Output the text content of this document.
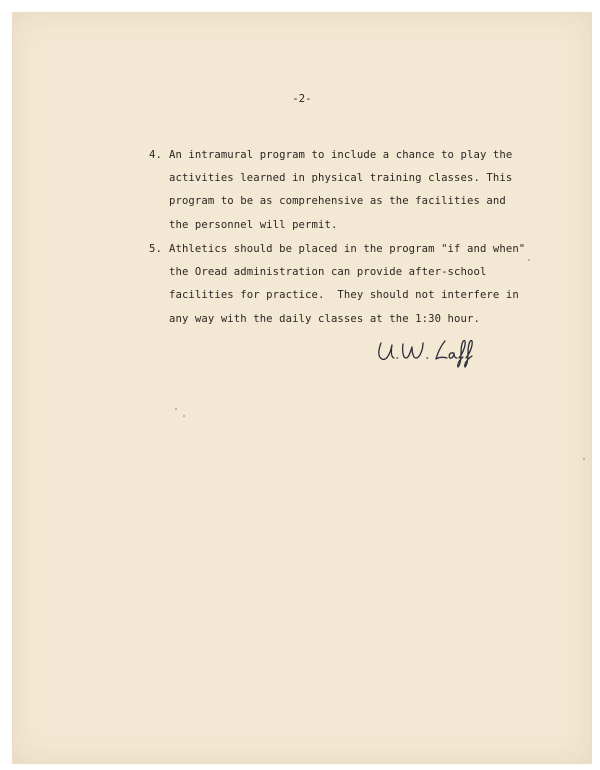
-2-
4. An intramural program to include a chance to play the
activities learned in physical training classes. This
program to be as comprehensive as the facilities and
the personnel will permit.
5. Athletics should be placed in the program "if and when"
the Oread administration can provide after-school
facilities for practice.  They should not interfere in
any way with the daily classes at the 1:30 hour.
